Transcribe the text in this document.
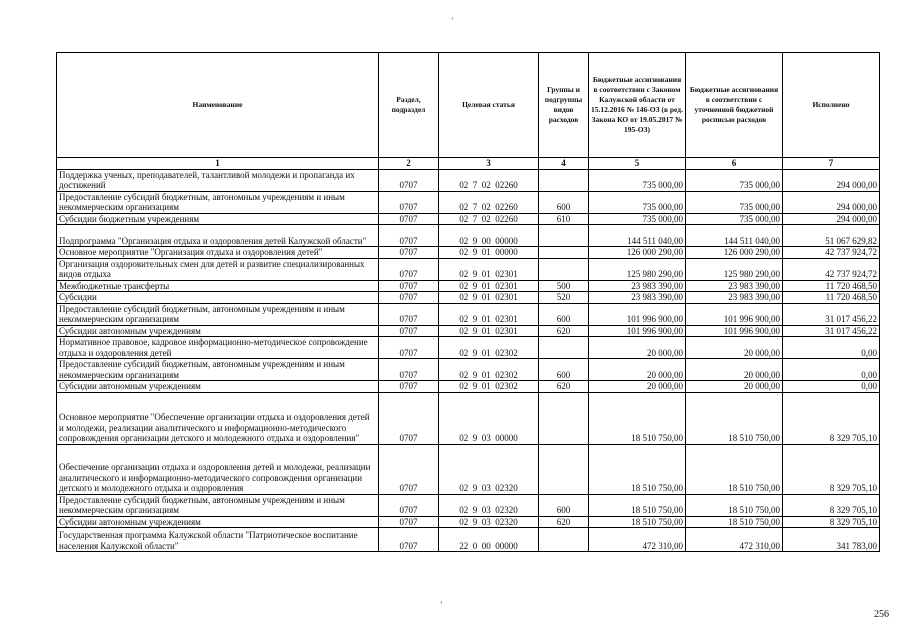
ʼ
Наименование	Раздел, подраздел	Целевая статья	Группы и подгруппы видов расходов	Бюджетные ассигнования в соответствии с Законом Калужской области от 15.12.2016 № 146-ОЗ (в ред. Закона КО от 19.05.2017 № 195-ОЗ)	Бюджетные ассигнования в соответствии с уточненной бюджетной росписью расходов	Исполнено
1	2	3	4	5	6	7
Поддержка ученых, преподавателей, талантливой молодежи и пропаганда их достижений	0707	02  7  02  02260		735 000,00	735 000,00	294 000,00
Предоставление субсидий бюджетным, автономным учреждениям и иным некоммерческим организациям	0707	02  7  02  02260	600	735 000,00	735 000,00	294 000,00
Субсидии бюджетным учреждениям	0707	02  7  02  02260	610	735 000,00	735 000,00	294 000,00
Подпрограмма "Организация отдыха и оздоровления детей Калужской области"	0707	02  9  00  00000		144 511 040,00	144 511 040,00	51 067 629,82
Основное мероприятие "Организация отдыха и оздоровления детей"	0707	02  9  01  00000		126 000 290,00	126 000 290,00	42 737 924,72
Организация оздоровительных смен для детей и развитие специализированных видов отдыха	0707	02  9  01  02301		125 980 290,00	125 980 290,00	42 737 924,72
Межбюджетные трансферты	0707	02  9  01  02301	500	23 983 390,00	23 983 390,00	11 720 468,50
Субсидии	0707	02  9  01  02301	520	23 983 390,00	23 983 390,00	11 720 468,50
Предоставление субсидий бюджетным, автономным учреждениям и иным некоммерческим организациям	0707	02  9  01  02301	600	101 996 900,00	101 996 900,00	31 017 456,22
Субсидии автономным учреждениям	0707	02  9  01  02301	620	101 996 900,00	101 996 900,00	31 017 456,22
Нормативное правовое, кадровое информационно-методическое сопровождение отдыха и оздоровления детей	0707	02  9  01  02302		20 000,00	20 000,00	0,00
Предоставление субсидий бюджетным, автономным учреждениям и иным некоммерческим организациям	0707	02  9  01  02302	600	20 000,00	20 000,00	0,00
Субсидии автономным учреждениям	0707	02  9  01  02302	620	20 000,00	20 000,00	0,00
Основное мероприятие "Обеспечение организации отдыха и оздоровления детей и молодежи, реализации аналитического и информационно-методического сопровождения организации детского и молодежного отдыха и оздоровления"	0707	02  9  03  00000		18 510 750,00	18 510 750,00	8 329 705,10
Обеспечение организации отдыха и оздоровления детей и молодежи, реализации аналитического и информационно-методического сопровождения организации детского и молодежного отдыха и оздоровления	0707	02  9  03  02320		18 510 750,00	18 510 750,00	8 329 705,10
Предоставление субсидий бюджетным, автономным учреждениям и иным некоммерческим организациям	0707	02  9  03  02320	600	18 510 750,00	18 510 750,00	8 329 705,10
Субсидии автономным учреждениям	0707	02  9  03  02320	620	18 510 750,00	18 510 750,00	8 329 705,10
Государственная программа Калужской области "Патриотическое воспитание населения Калужской области"	0707	22  0  00  00000		472 310,00	472 310,00	341 783,00
ʼ
256
